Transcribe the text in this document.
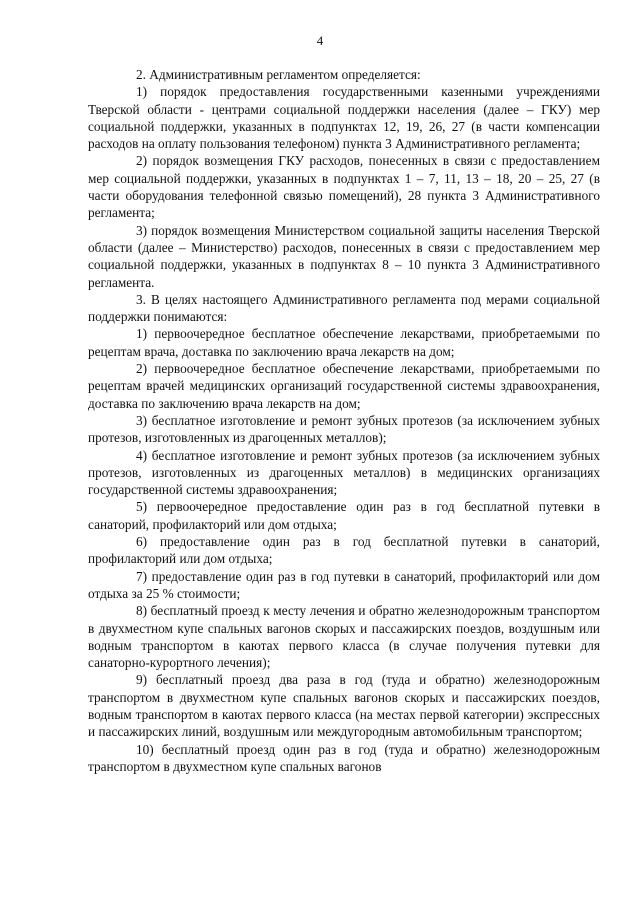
4

2. Административным регламентом определяется:

1) порядок предоставления государственными казенными учреждениями Тверской области - центрами социальной поддержки населения (далее – ГКУ) мер социальной поддержки, указанных в подпунктах 12, 19, 26, 27 (в части компенсации расходов на оплату пользования телефоном) пункта 3 Административного регламента;

2) порядок возмещения ГКУ расходов, понесенных в связи с предоставлением мер социальной поддержки, указанных в подпунктах 1 – 7, 11, 13 – 18, 20 – 25, 27 (в части оборудования телефонной связью помещений), 28 пункта 3 Административного регламента;

3) порядок возмещения Министерством социальной защиты населения Тверской области (далее – Министерство) расходов, понесенных в связи с предоставлением мер социальной поддержки, указанных в подпунктах 8 – 10 пункта 3 Административного регламента.

3. В целях настоящего Административного регламента под мерами социальной поддержки понимаются:

1) первоочередное бесплатное обеспечение лекарствами, приобретаемыми по рецептам врача, доставка по заключению врача лекарств на дом;

2) первоочередное бесплатное обеспечение лекарствами, приобретаемыми по рецептам врачей медицинских организаций государственной системы здравоохранения, доставка по заключению врача лекарств на дом;

3) бесплатное изготовление и ремонт зубных протезов (за исключением зубных протезов, изготовленных из драгоценных металлов);

4) бесплатное изготовление и ремонт зубных протезов (за исключением зубных протезов, изготовленных из драгоценных металлов) в медицинских организациях государственной системы здравоохранения;

5) первоочередное предоставление один раз в год бесплатной путевки в санаторий, профилакторий или дом отдыха;

6) предоставление один раз в год бесплатной путевки в санаторий, профилакторий или дом отдыха;

7) предоставление один раз в год путевки в санаторий, профилакторий или дом отдыха за 25 % стоимости;

8) бесплатный проезд к месту лечения и обратно железнодорожным транспортом в двухместном купе спальных вагонов скорых и пассажирских поездов, воздушным или водным транспортом в каютах первого класса (в случае получения путевки для санаторно-курортного лечения);

9) бесплатный проезд два раза в год (туда и обратно) железнодорожным транспортом в двухместном купе спальных вагонов скорых и пассажирских поездов, водным транспортом в каютах первого класса (на местах первой категории) экспрессных и пассажирских линий, воздушным или междугородным автомобильным транспортом;

10) бесплатный проезд один раз в год (туда и обратно) железнодорожным транспортом в двухместном купе спальных вагонов
